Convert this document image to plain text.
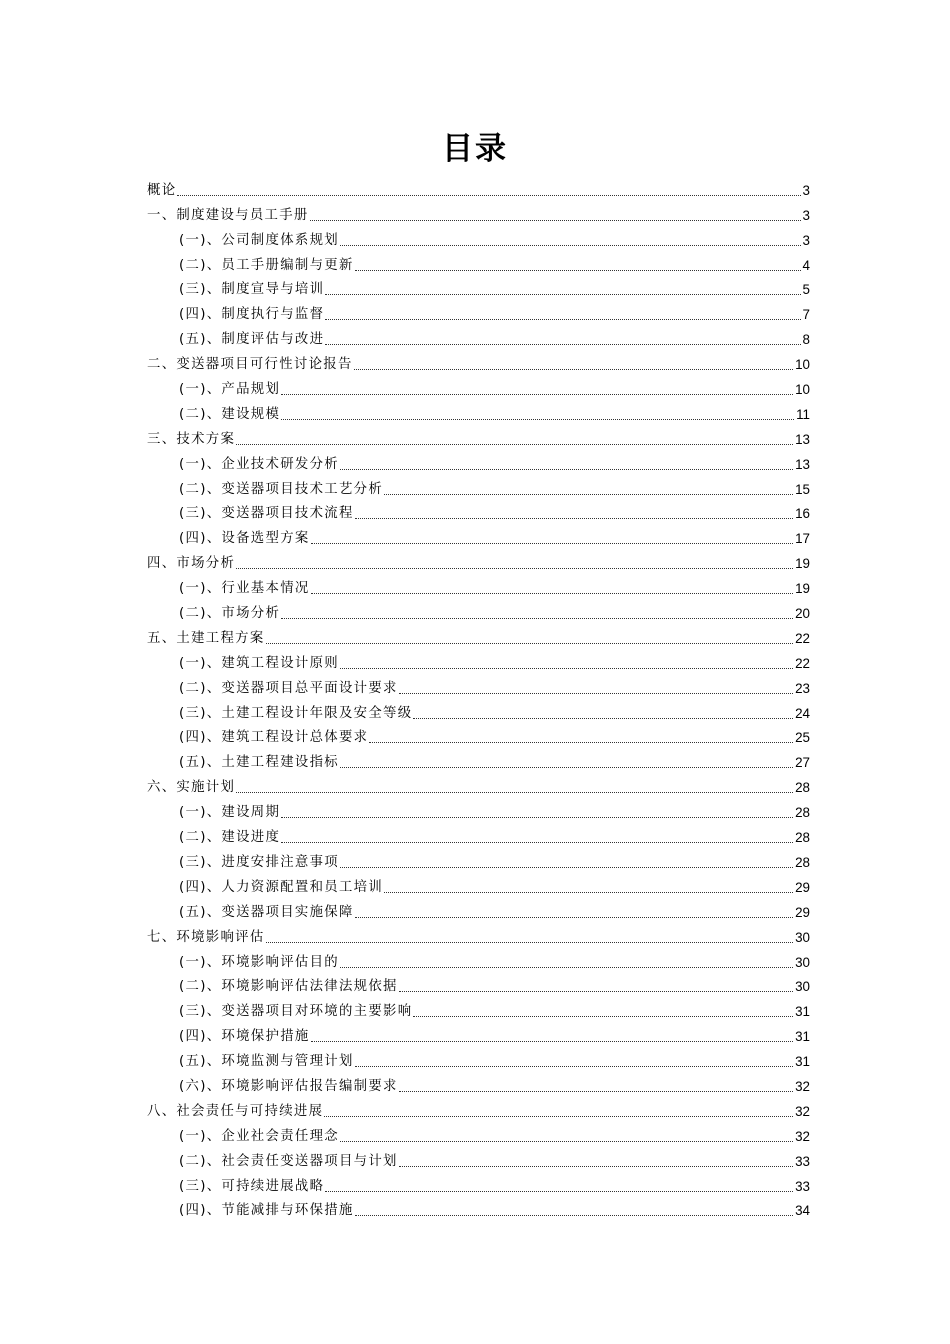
目录
概论	3
一、制度建设与员工手册	3
(一)、公司制度体系规划	3
(二)、员工手册编制与更新	4
(三)、制度宣导与培训	5
(四)、制度执行与监督	7
(五)、制度评估与改进	8
二、变送器项目可行性讨论报告	10
(一)、产品规划	10
(二)、建设规模	11
三、技术方案	13
(一)、企业技术研发分析	13
(二)、变送器项目技术工艺分析	15
(三)、变送器项目技术流程	16
(四)、设备选型方案	17
四、市场分析	19
(一)、行业基本情况	19
(二)、市场分析	20
五、土建工程方案	22
(一)、建筑工程设计原则	22
(二)、变送器项目总平面设计要求	23
(三)、土建工程设计年限及安全等级	24
(四)、建筑工程设计总体要求	25
(五)、土建工程建设指标	27
六、实施计划	28
(一)、建设周期	28
(二)、建设进度	28
(三)、进度安排注意事项	28
(四)、人力资源配置和员工培训	29
(五)、变送器项目实施保障	29
七、环境影响评估	30
(一)、环境影响评估目的	30
(二)、环境影响评估法律法规依据	30
(三)、变送器项目对环境的主要影响	31
(四)、环境保护措施	31
(五)、环境监测与管理计划	31
(六)、环境影响评估报告编制要求	32
八、社会责任与可持续进展	32
(一)、企业社会责任理念	32
(二)、社会责任变送器项目与计划	33
(三)、可持续进展战略	33
(四)、节能减排与环保措施	34
